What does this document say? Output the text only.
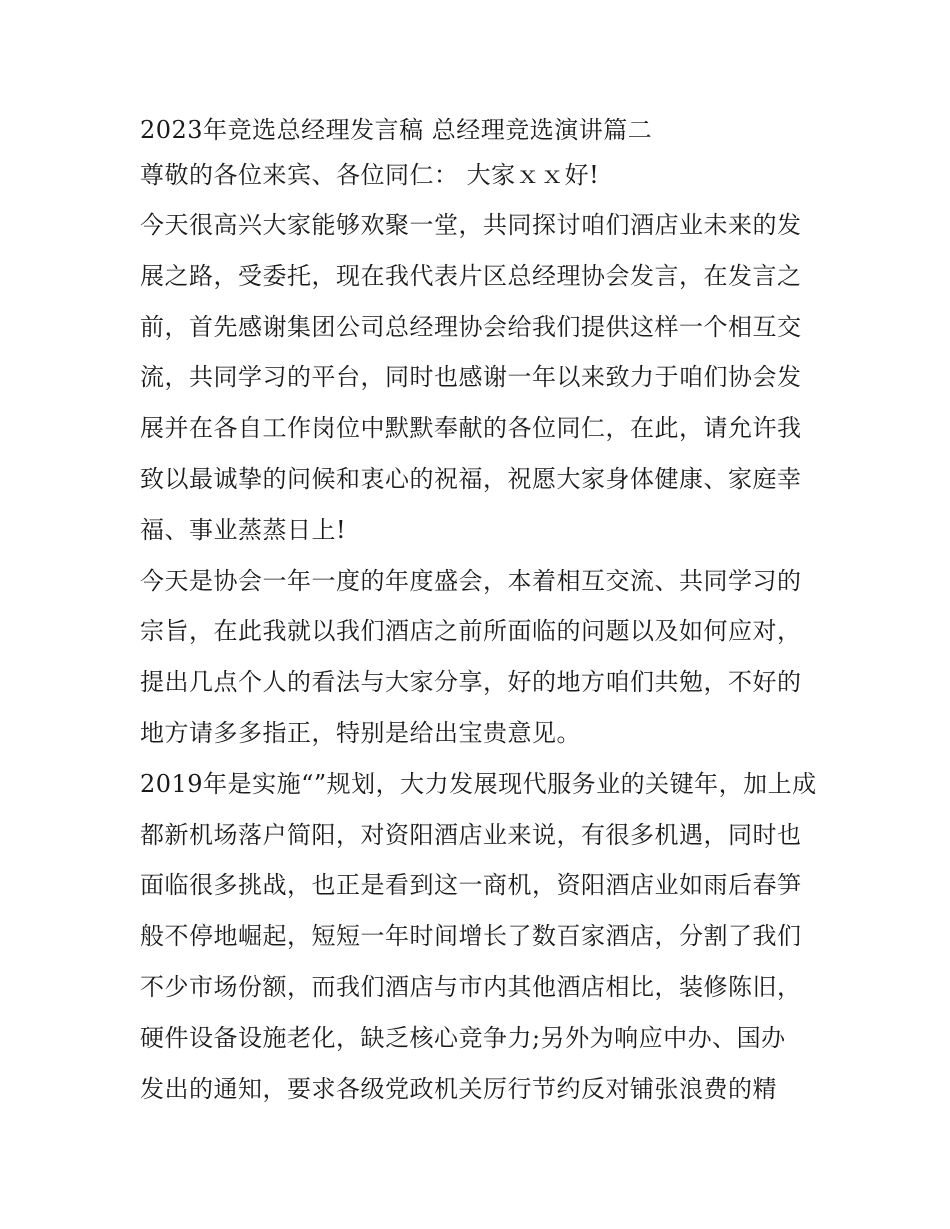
2023年竞选总经理发言稿 总经理竞选演讲篇二

尊敬的各位来宾、各位同仁： 大家ｘｘ好!

今天很高兴大家能够欢聚一堂，共同探讨咱们酒店业未来的发
展之路，受委托，现在我代表片区总经理协会发言，在发言之
前，首先感谢集团公司总经理协会给我们提供这样一个相互交
流，共同学习的平台，同时也感谢一年以来致力于咱们协会发
展并在各自工作岗位中默默奉献的各位同仁，在此，请允许我
致以最诚挚的问候和衷心的祝福，祝愿大家身体健康、家庭幸
福、事业蒸蒸日上!

今天是协会一年一度的年度盛会，本着相互交流、共同学习的
宗旨，在此我就以我们酒店之前所面临的问题以及如何应对，
提出几点个人的看法与大家分享，好的地方咱们共勉，不好的
地方请多多指正，特别是给出宝贵意见。

2019年是实施“”规划，大力发展现代服务业的关键年，加上成
都新机场落户简阳，对资阳酒店业来说，有很多机遇，同时也
面临很多挑战，也正是看到这一商机，资阳酒店业如雨后春笋
般不停地崛起，短短一年时间增长了数百家酒店，分割了我们
不少市场份额，而我们酒店与市内其他酒店相比，装修陈旧，
硬件设备设施老化，缺乏核心竞争力;另外为响应中办、国办
发出的通知，要求各级党政机关厉行节约反对铺张浪费的精
